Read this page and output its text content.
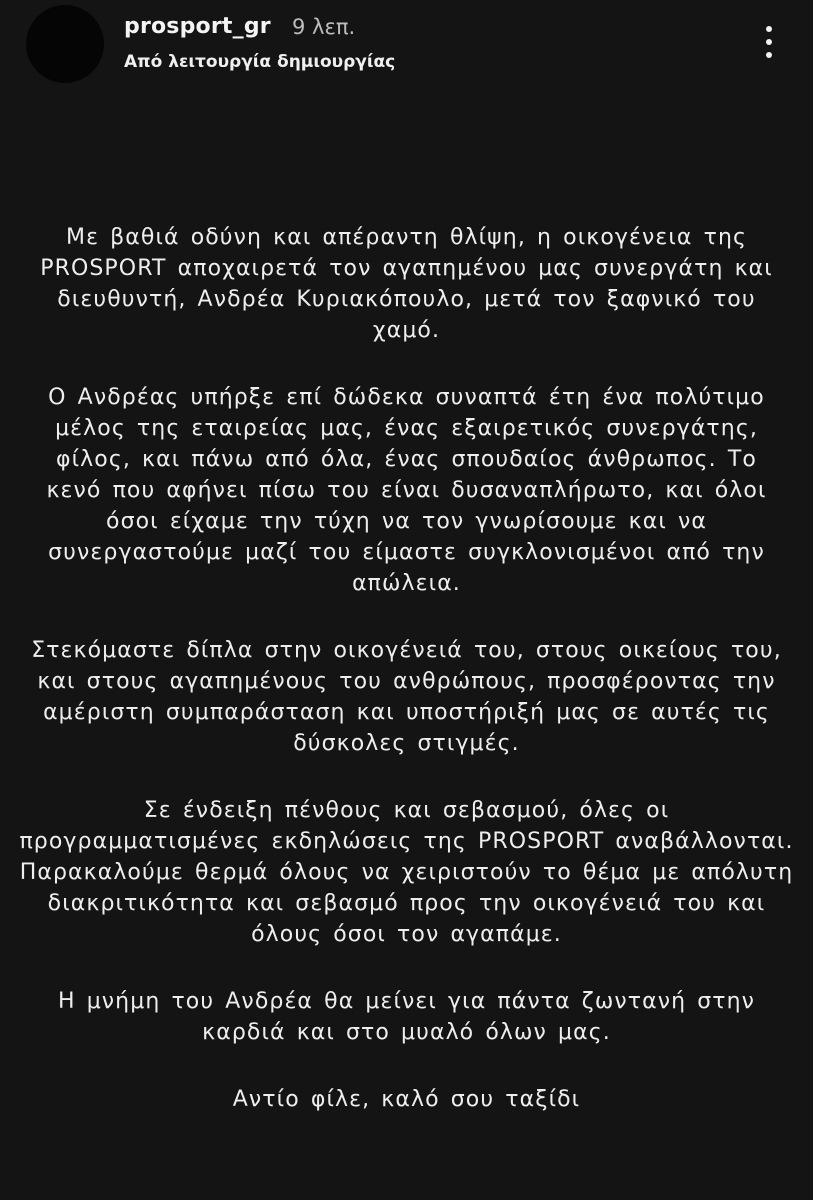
prosport_gr 9 λεπ.
Από λειτουργία δημιουργίας
Με βαθιά οδύνη και απέραντη θλίψη, η οικογένεια της
PROSPORT αποχαιρετά τον αγαπημένου μας συνεργάτη και
διευθυντή, Ανδρέα Κυριακόπουλο, μετά τον ξαφνικό του
χαμό.
Ο Ανδρέας υπήρξε επί δώδεκα συναπτά έτη ένα πολύτιμο
μέλος της εταιρείας μας, ένας εξαιρετικός συνεργάτης,
φίλος, και πάνω από όλα, ένας σπουδαίος άνθρωπος. Το
κενό που αφήνει πίσω του είναι δυσαναπλήρωτο, και όλοι
όσοι είχαμε την τύχη να τον γνωρίσουμε και να
συνεργαστούμε μαζί του είμαστε συγκλονισμένοι από την
απώλεια.
Στεκόμαστε δίπλα στην οικογένειά του, στους οικείους του,
και στους αγαπημένους του ανθρώπους, προσφέροντας την
αμέριστη συμπαράσταση και υποστήριξή μας σε αυτές τις
δύσκολες στιγμές.
Σε ένδειξη πένθους και σεβασμού, όλες οι
προγραμματισμένες εκδηλώσεις της PROSPORT αναβάλλονται.
Παρακαλούμε θερμά όλους να χειριστούν το θέμα με απόλυτη
διακριτικότητα και σεβασμό προς την οικογένειά του και
όλους όσοι τον αγαπάμε.
Η μνήμη του Ανδρέα θα μείνει για πάντα ζωντανή στην
καρδιά και στο μυαλό όλων μας.
Αντίο φίλε, καλό σου ταξίδι
